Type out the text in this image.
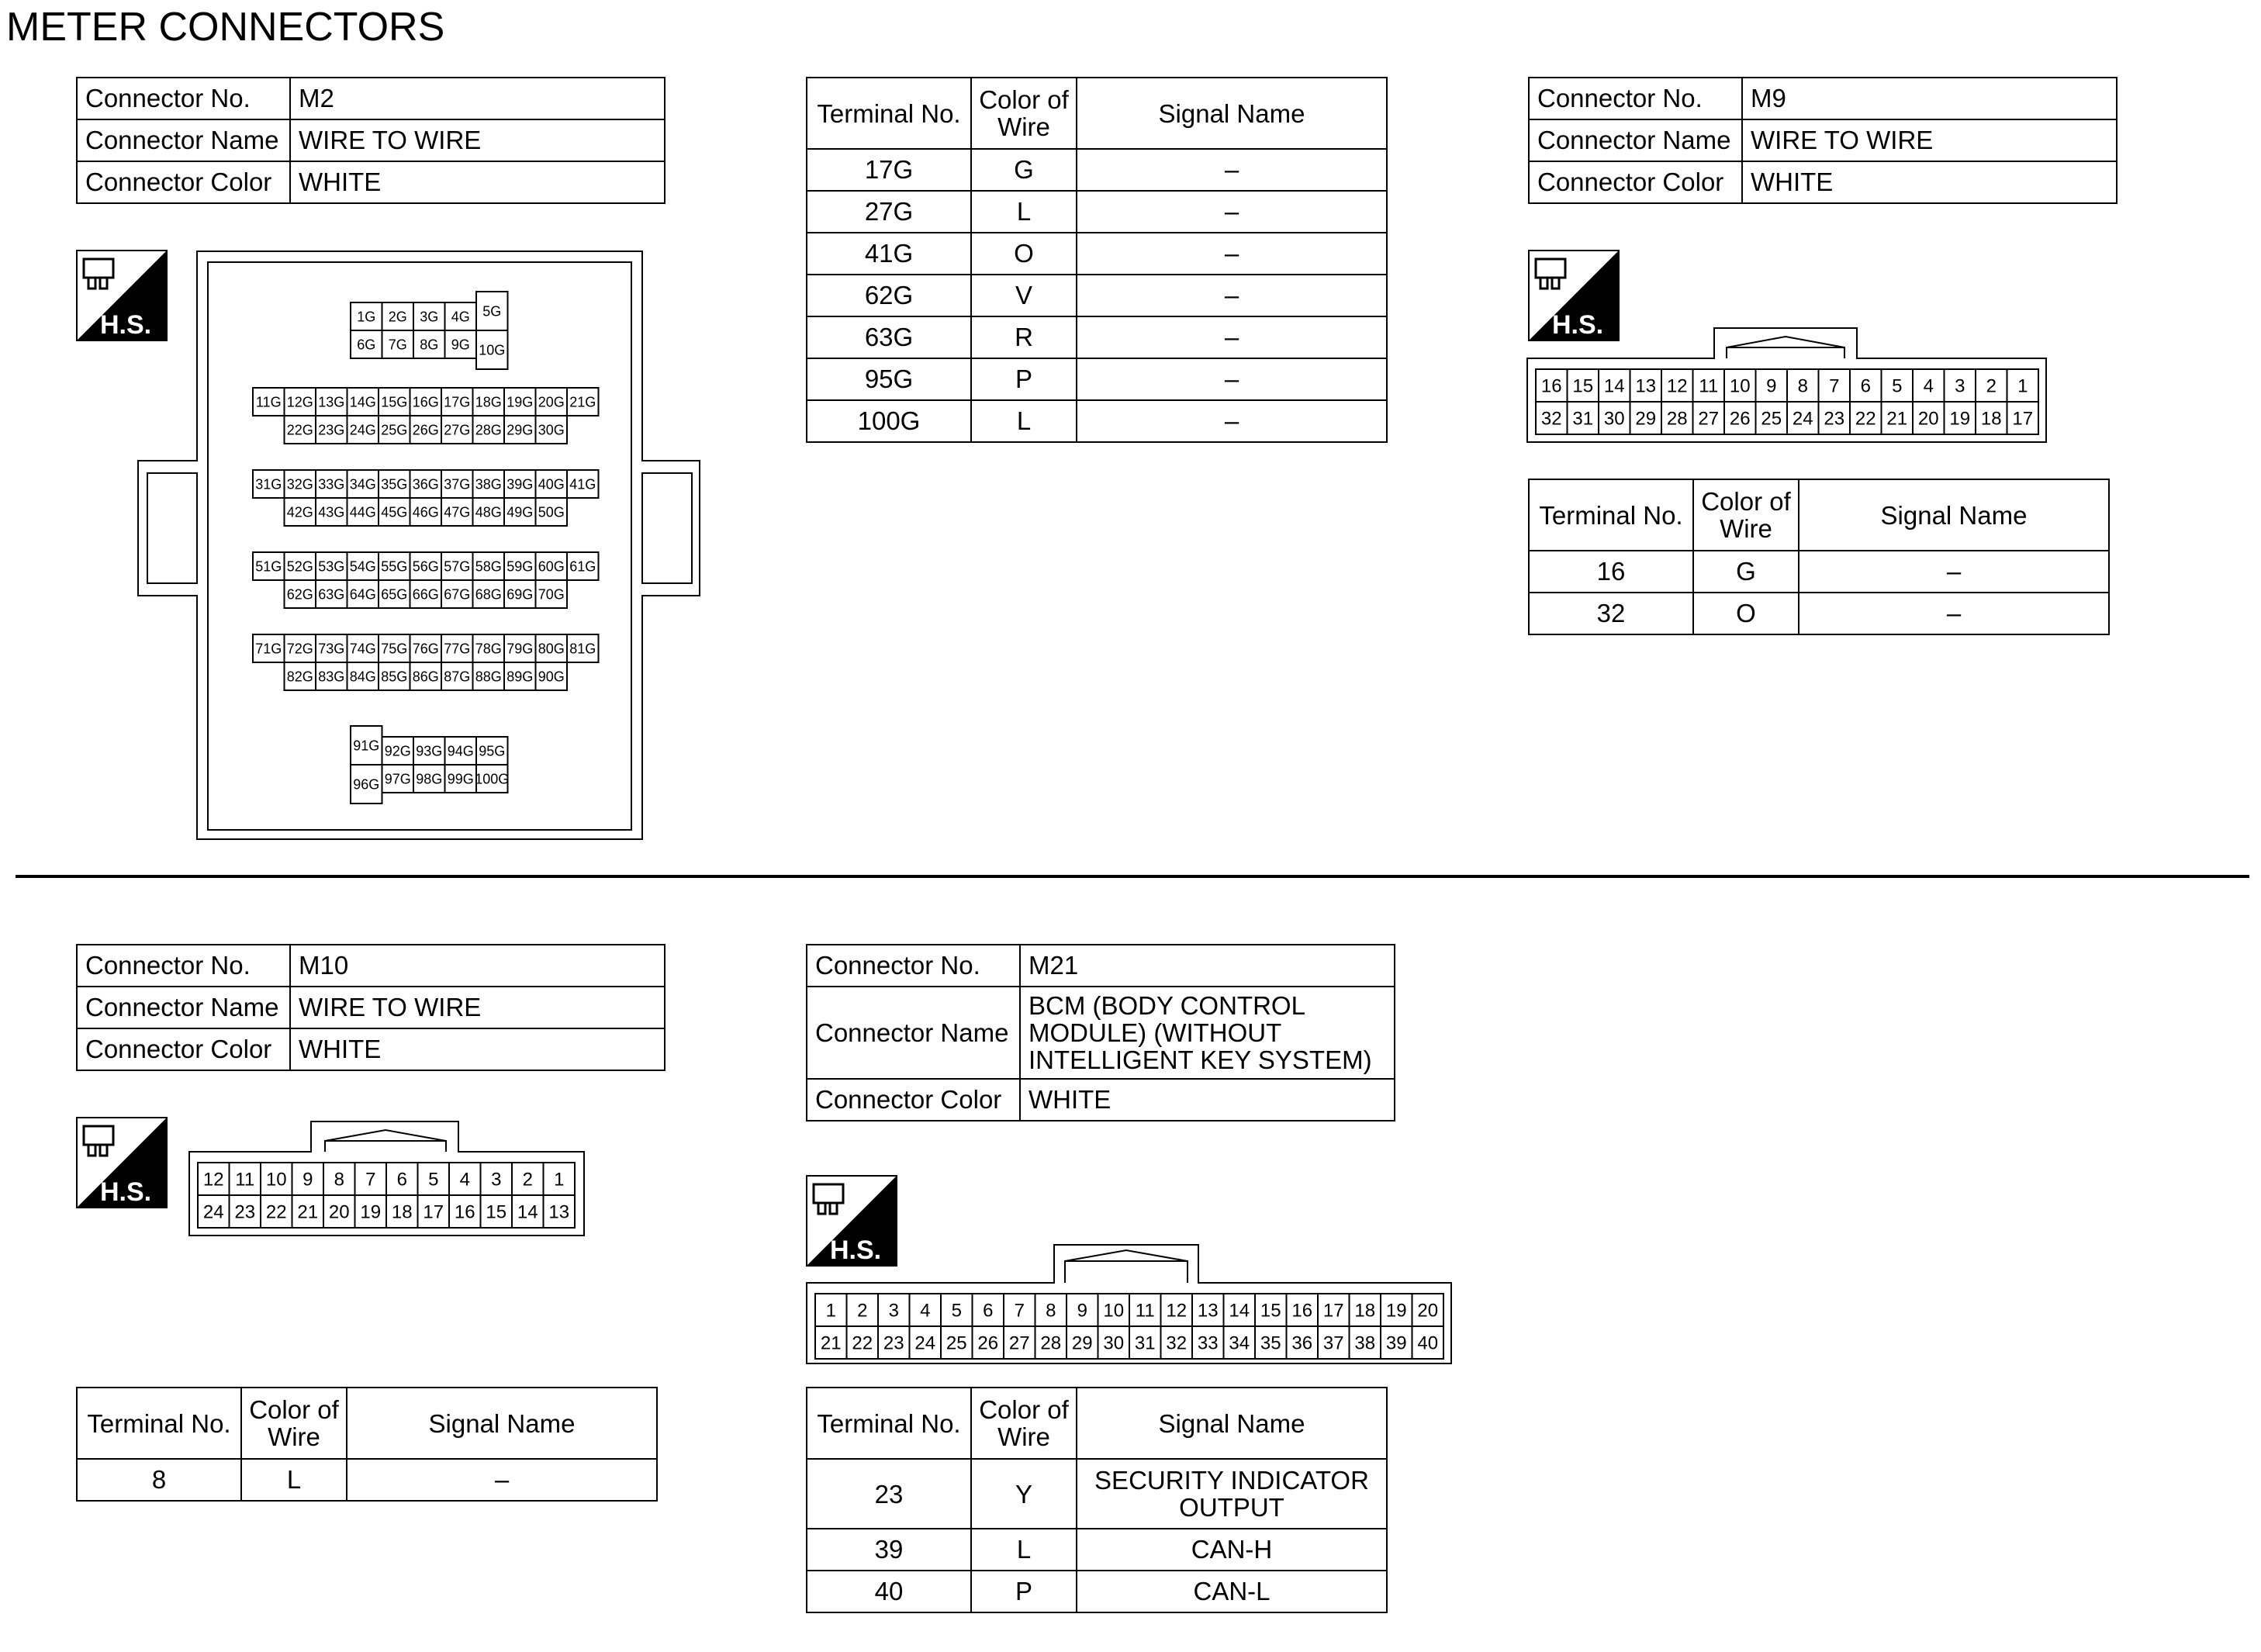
METER CONNECTORS
Connector No.	M2
Connector Name	WIRE TO WIRE
Connector Color	WHITE
H.S.	1G 2G 3G 4G
6G 7G 8G 9G
5G
10G
11G 12G 13G 14G 15G 16G 17G 18G 19G 20G 21G
22G 23G 24G 25G 26G 27G 28G 29G 30G
31G 32G 33G 34G 35G 36G 37G 38G 39G 40G 41G
42G 43G 44G 45G 46G 47G 48G 49G 50G
51G 52G 53G 54G 55G 56G 57G 58G 59G 60G 61G
62G 63G 64G 65G 66G 67G 68G 69G 70G
71G 72G 73G 74G 75G 76G 77G 78G 79G 80G 81G
82G 83G 84G 85G 86G 87G 88G 89G 90G
91G
96G
92G 93G 94G 95G
97G 98G 99G 100G
Terminal No.	Color of Wire	Signal Name
17G	G	–
27G	L	–
41G	O	–
62G	V	–
63G	R	–
95G	P	–
100G	L	–
Connector No.	M9
Connector Name	WIRE TO WIRE
Connector Color	WHITE
H.S.
16 15 14 13 12 11 10 9 8 7 6 5 4 3 2 1
32 31 30 29 28 27 26 25 24 23 22 21 20 19 18 17
Terminal No.	Color of Wire	Signal Name
16	G	–
32	O	–
Connector No.	M10
Connector Name	WIRE TO WIRE
Connector Color	WHITE
H.S.	12 11 10 9 8 7 6 5 4 3 2 1
24 23 22 21 20 19 18 17 16 15 14 13
Terminal No.	Color of Wire	Signal Name
8	L	–
Connector No.	M21
Connector Name	BCM (BODY CONTROL MODULE) (WITHOUT INTELLIGENT KEY SYSTEM)
Connector Color	WHITE
H.S.
1 2 3 4 5 6 7 8 9 10 11 12 13 14 15 16 17 18 19 20
21 22 23 24 25 26 27 28 29 30 31 32 33 34 35 36 37 38 39 40
Terminal No.	Color of Wire	Signal Name
23	Y	SECURITY INDICATOR OUTPUT
39	L	CAN-H
40	P	CAN-L
